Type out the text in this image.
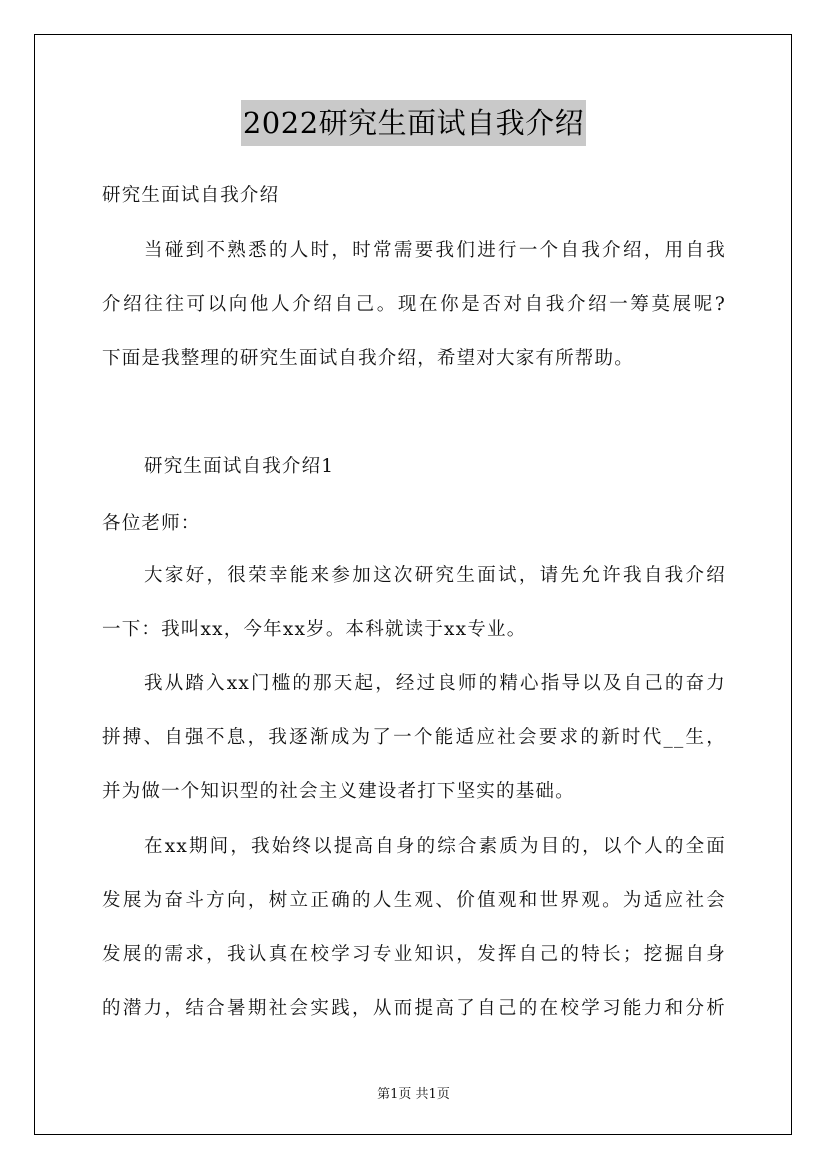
2022研究生面试自我介绍
研究生面试自我介绍
当碰到不熟悉的人时，时常需要我们进行一个自我介绍，用自我
介绍往往可以向他人介绍自己。现在你是否对自我介绍一筹莫展呢?
下面是我整理的研究生面试自我介绍，希望对大家有所帮助。
研究生面试自我介绍1
各位老师：
大家好，很荣幸能来参加这次研究生面试，请先允许我自我介绍
一下：我叫xx，今年xx岁。本科就读于xx专业。
我从踏入xx门槛的那天起，经过良师的精心指导以及自己的奋力
拼搏、自强不息，我逐渐成为了一个能适应社会要求的新时代__生，
并为做一个知识型的社会主义建设者打下坚实的基础。
在xx期间，我始终以提高自身的综合素质为目的，以个人的全面
发展为奋斗方向，树立正确的人生观、价值观和世界观。为适应社会
发展的需求，我认真在校学习专业知识，发挥自己的特长；挖掘自身
的潜力，结合暑期社会实践，从而提高了自己的在校学习能力和分析
第1页 共1页
